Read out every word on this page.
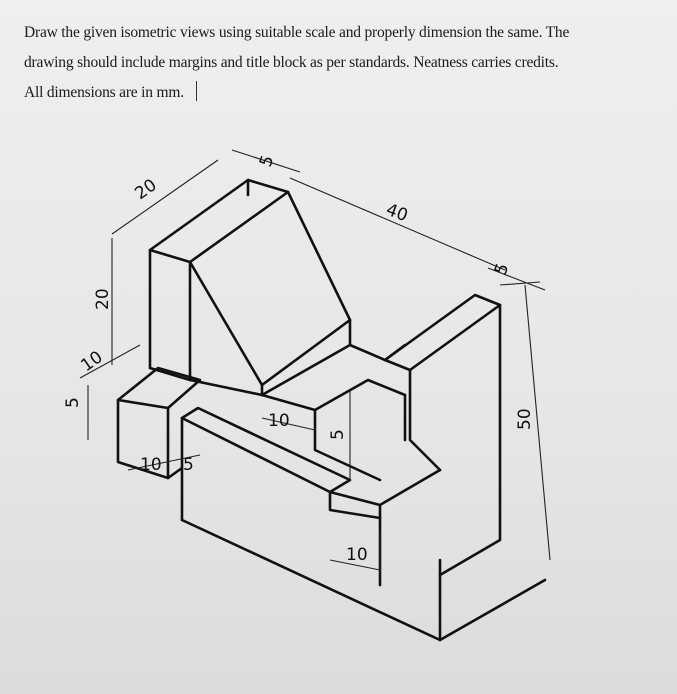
Draw the given isometric views using suitable scale and properly dimension the same. The

drawing should include margins and title block as per standards. Neatness carries credits.

All dimensions are in mm.

20
5
40
5
50
20
10
5
10
5
10 5
10
